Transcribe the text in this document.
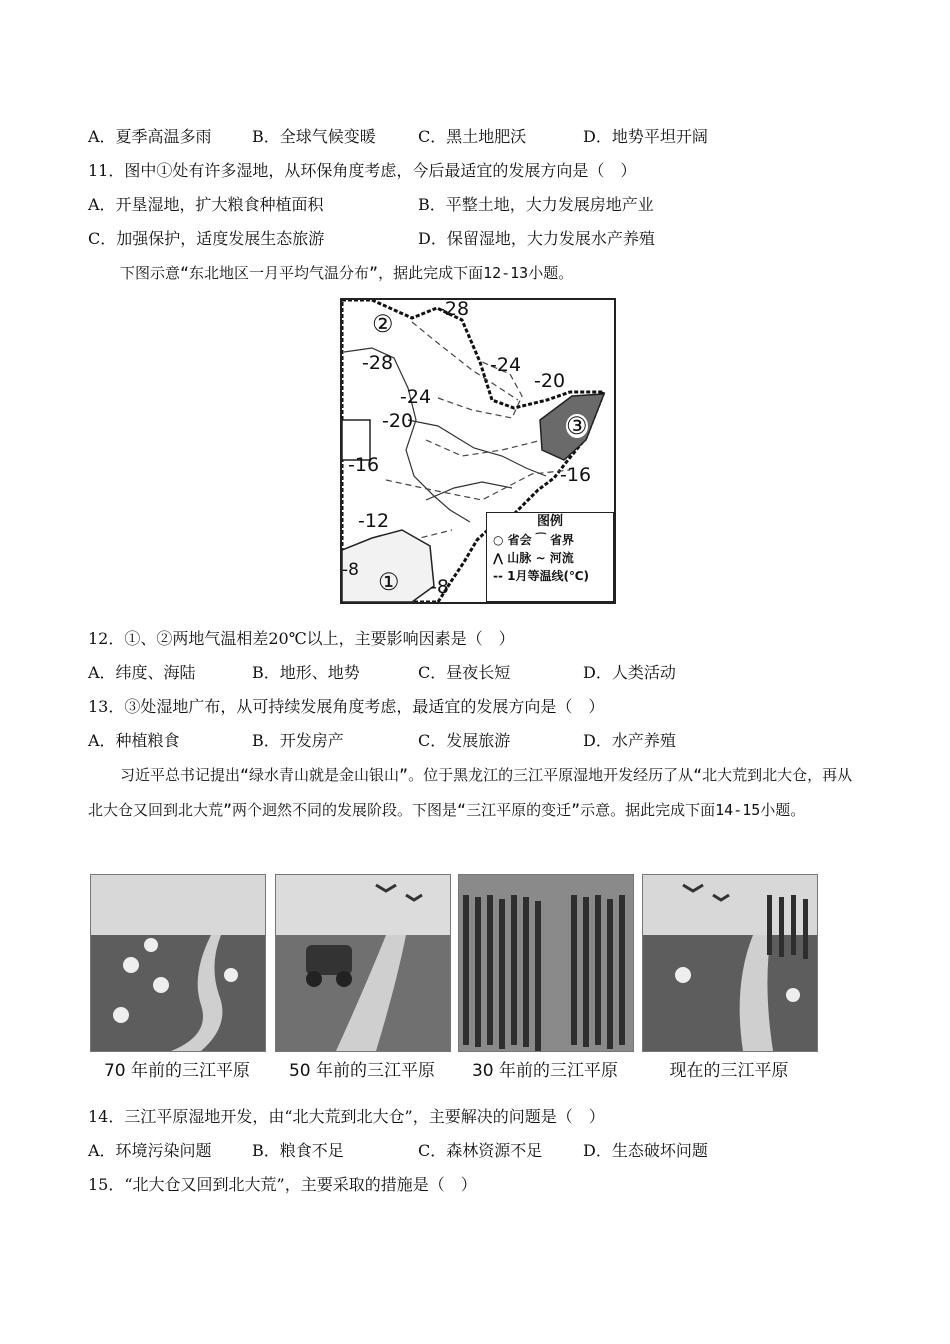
A．夏季高温多雨	B．全球气候变暖	C．黑土地肥沃	D．地势平坦开阔
11．图中①处有许多湿地，从环保角度考虑，今后最适宜的发展方向是（　）
A．开垦湿地，扩大粮食种植面积	B．平整土地，大力发展房地产业
C．加强保护，适度发展生态旅游	D．保留湿地，大力发展水产养殖
下图示意“东北地区一月平均气温分布”，据此完成下面12-13小题。
-28
-28	-24
-24
-20
-20
-16	-16
-12
-8
-8
①
②
③
图例
○ 省会 ⁀ 省界
⋀ 山脉 ∼ 河流
-- 1月等温线(℃)
12．①、②两地气温相差20℃以上，主要影响因素是（　）
A．纬度、海陆	B．地形、地势	C．昼夜长短	D．人类活动
13．③处湿地广布，从可持续发展角度考虑，最适宜的发展方向是（　）
A．种植粮食	B．开发房产	C．发展旅游	D．水产养殖
习近平总书记提出“绿水青山就是金山银山”。位于黑龙江的三江平原湿地开发经历了从“北大荒到北大仓，再从北大仓又回到北大荒”两个迥然不同的发展阶段。下图是“三江平原的变迁”示意。据此完成下面14-15小题。
70 年前的三江平原	50 年前的三江平原	30 年前的三江平原	现在的三江平原
14．三江平原湿地开发，由“北大荒到北大仓”，主要解决的问题是（　）
A．环境污染问题	B．粮食不足	C．森林资源不足	D．生态破坏问题
15．“北大仓又回到北大荒”，主要采取的措施是（　）
